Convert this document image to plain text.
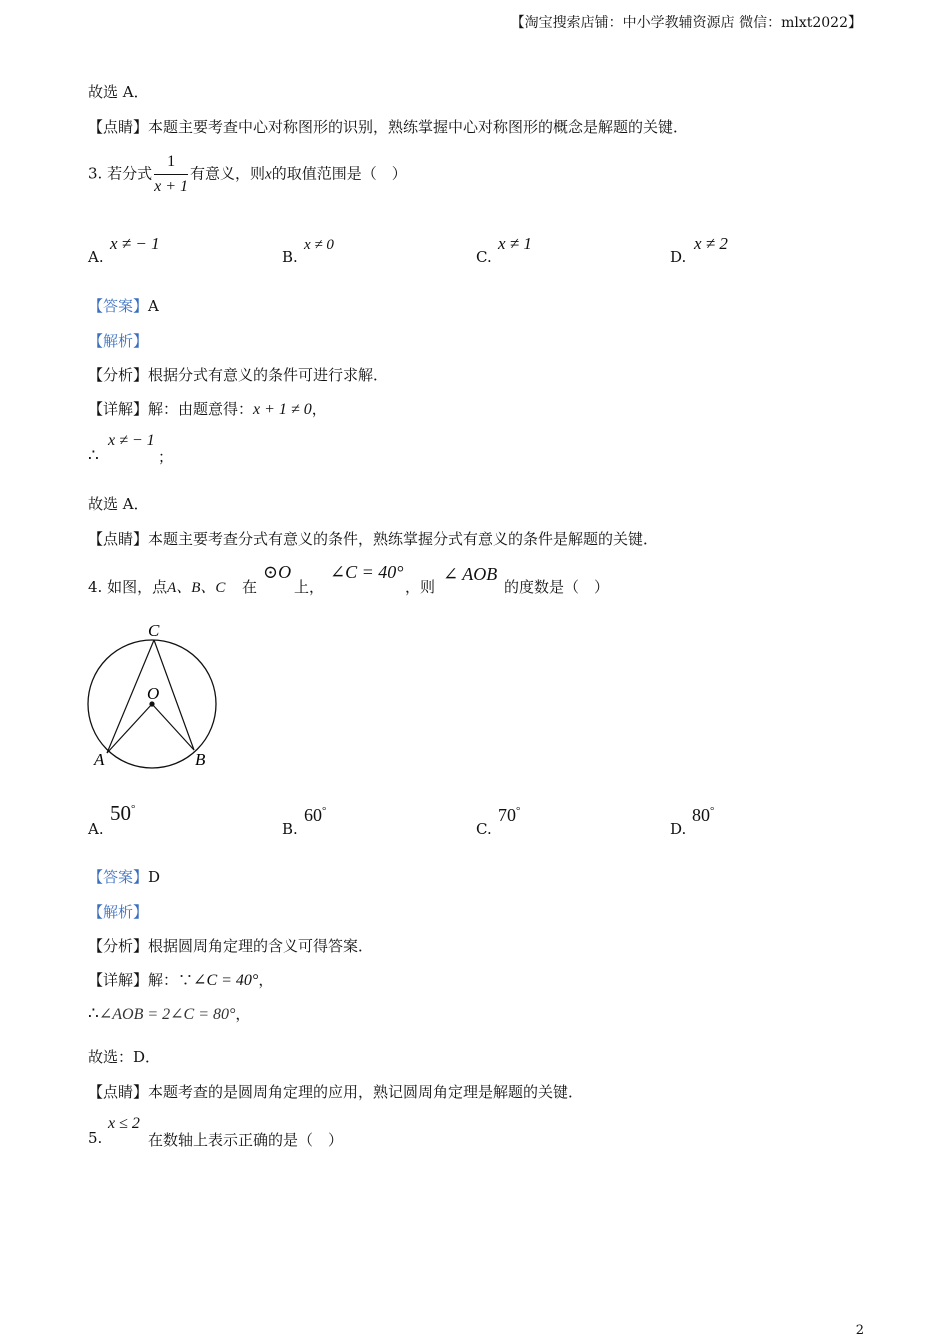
【淘宝搜索店铺：中小学教辅资源店 微信：mlxt2022】
故选 A．
【点睛】本题主要考查中心对称图形的识别，熟练掌握中心对称图形的概念是解题的关键．
3. 若分式 $\frac{1}{x + 1}$ 有意义，则x的取值范围是（　）
A.
x ≠ − 1
B.
x ≠ 0
C.
x ≠ 1
D.
x ≠ 2
【答案】A
【解析】
【分析】根据分式有意义的条件可进行求解．
【详解】解：由题意得：x + 1 ≠ 0，
∴
x ≠ − 1
；
故选 A．
【点睛】本题主要考查分式有意义的条件，熟练掌握分式有意义的条件是解题的关键．
4. 如图，点A、B、C 在
⊙O
上，
∠C = 40°
，则
∠ AOB
的度数是（　）
C
O
A	B
A.
50°
B.
60°
C.
70°
D.
80°
【答案】D
【解析】
【分析】根据圆周角定理的含义可得答案．
【详解】解：∵∠C = 40°，
∴∠AOB = 2∠C = 80°，
故选：D．
【点睛】本题考查的是圆周角定理的应用，熟记圆周角定理是解题的关键．
5.
x ≤ 2
在数轴上表示正确的是（　）
2
